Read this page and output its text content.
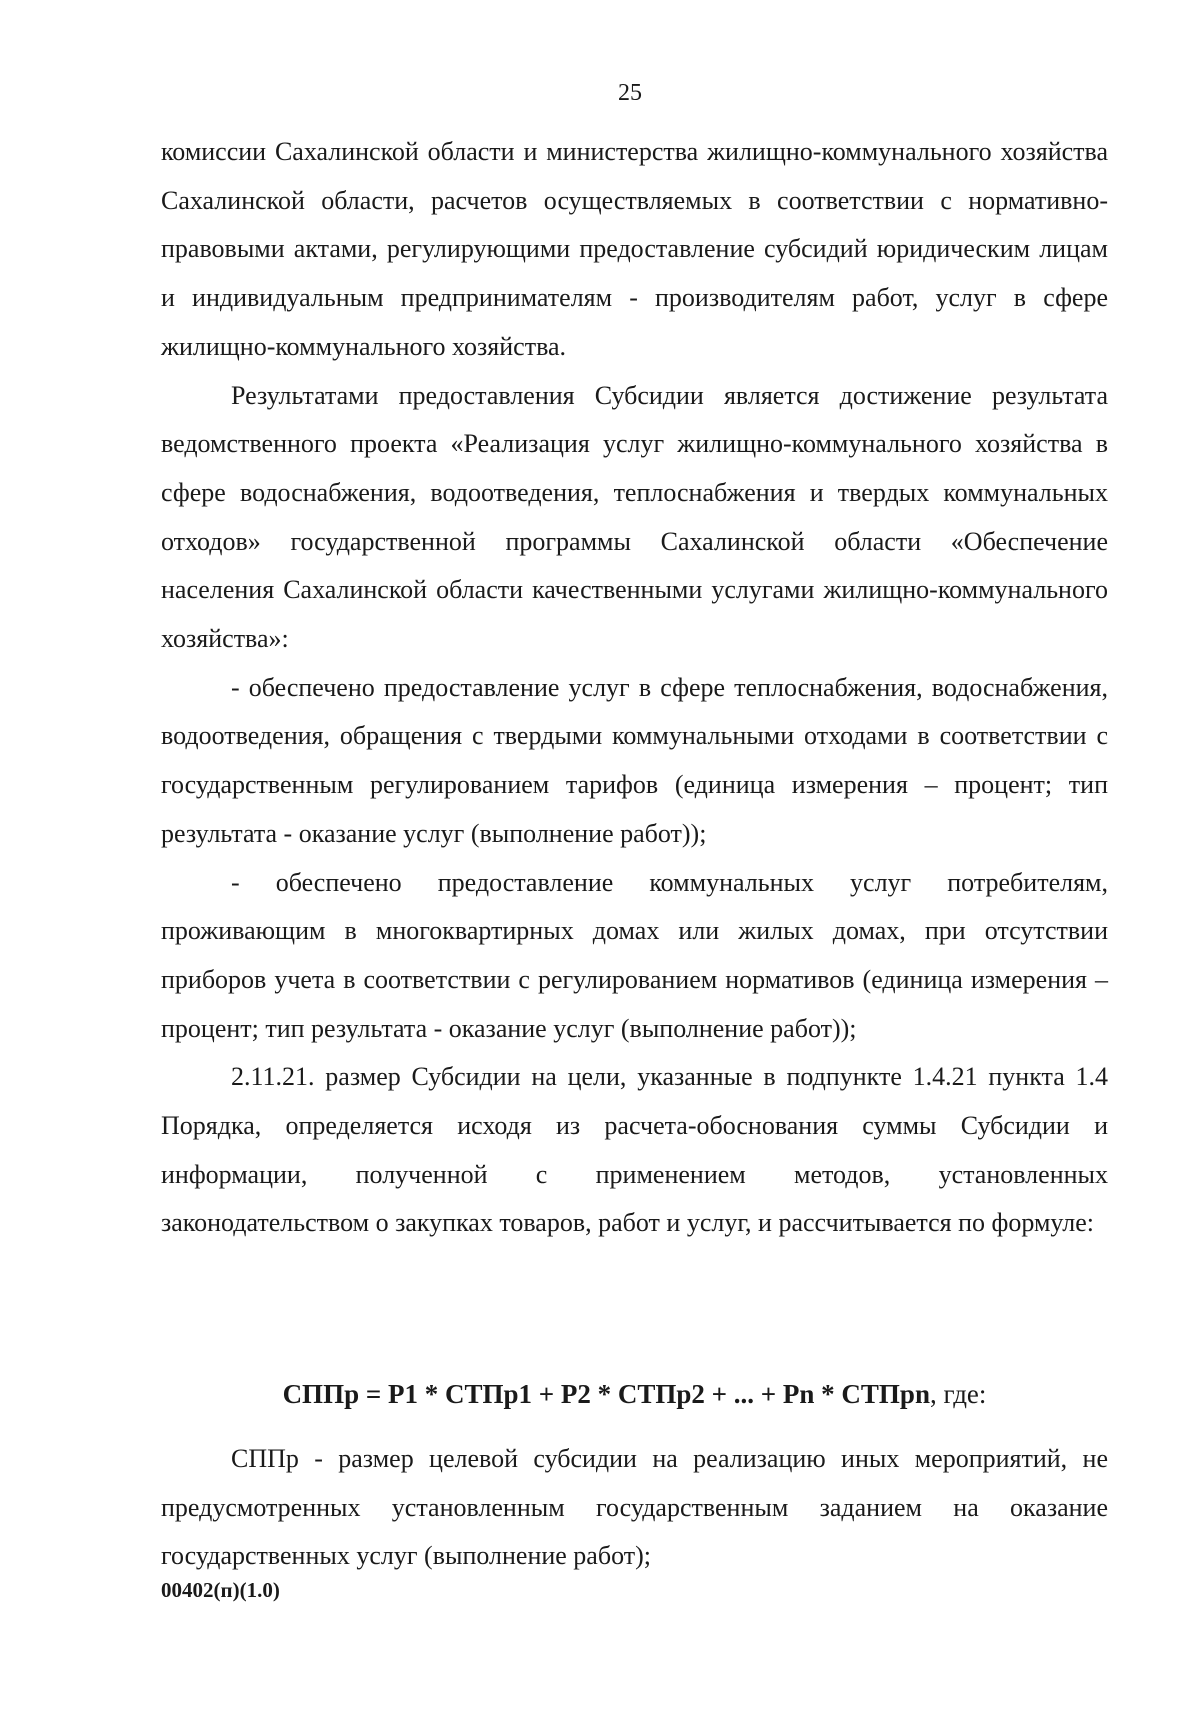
25

комиссии Сахалинской области и министерства жилищно-коммунального хозяйства Сахалинской области, расчетов осуществляемых в соответствии с нормативно-правовыми актами, регулирующими предоставление субсидий юридическим лицам и индивидуальным предпринимателям - производителям работ, услуг в сфере жилищно-коммунального хозяйства.

Результатами предоставления Субсидии является достижение результата ведомственного проекта «Реализация услуг жилищно-коммунального хозяйства в сфере водоснабжения, водоотведения, теплоснабжения и твердых коммунальных отходов» государственной программы Сахалинской области «Обеспечение населения Сахалинской области качественными услугами жилищно-коммунального хозяйства»:

- обеспечено предоставление услуг в сфере теплоснабжения, водоснабжения, водоотведения, обращения с твердыми коммунальными отходами в соответствии с государственным регулированием тарифов (единица измерения – процент; тип результата - оказание услуг (выполнение работ));

- обеспечено предоставление коммунальных услуг потребителям, проживающим в многоквартирных домах или жилых домах, при отсутствии приборов учета в соответствии с регулированием нормативов (единица измерения – процент; тип результата - оказание услуг (выполнение работ));

2.11.21. размер Субсидии на цели, указанные в подпункте 1.4.21 пункта 1.4 Порядка, определяется исходя из расчета-обоснования суммы Субсидии и информации, полученной с применением методов, установленных законодательством о закупках товаров, работ и услуг, и рассчитывается по формуле:

СППр = Р1 * СТПр1 + Р2 * СТПр2 + ... + Рn * СТПрn, где:

СППр - размер целевой субсидии на реализацию иных мероприятий, не предусмотренных установленным государственным заданием на оказание государственных услуг (выполнение работ);

00402(п)(1.0)
